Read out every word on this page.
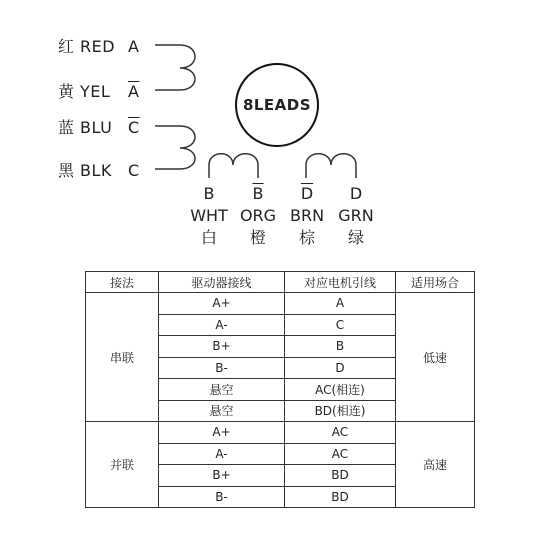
红 RED A
黄 YEL	$\overline{A}$
蓝 BLU $\overline{C}$
黑 BLK	C
8LEADS
B
WHT
白
$\overline{B}$
ORG
橙
$\overline{D}$
BRN
棕
D
GRN
绿
接法	驱动器接线	对应电机引线	适用场合
串联	A+	A	低速
	A-	C	
	B+	B	
	B-	D	
	悬空	AC(相连)	
	悬空	BD(相连)	
并联	A+	AC	高速
	A-	AC	
	B+	BD	
	B-	BD	
